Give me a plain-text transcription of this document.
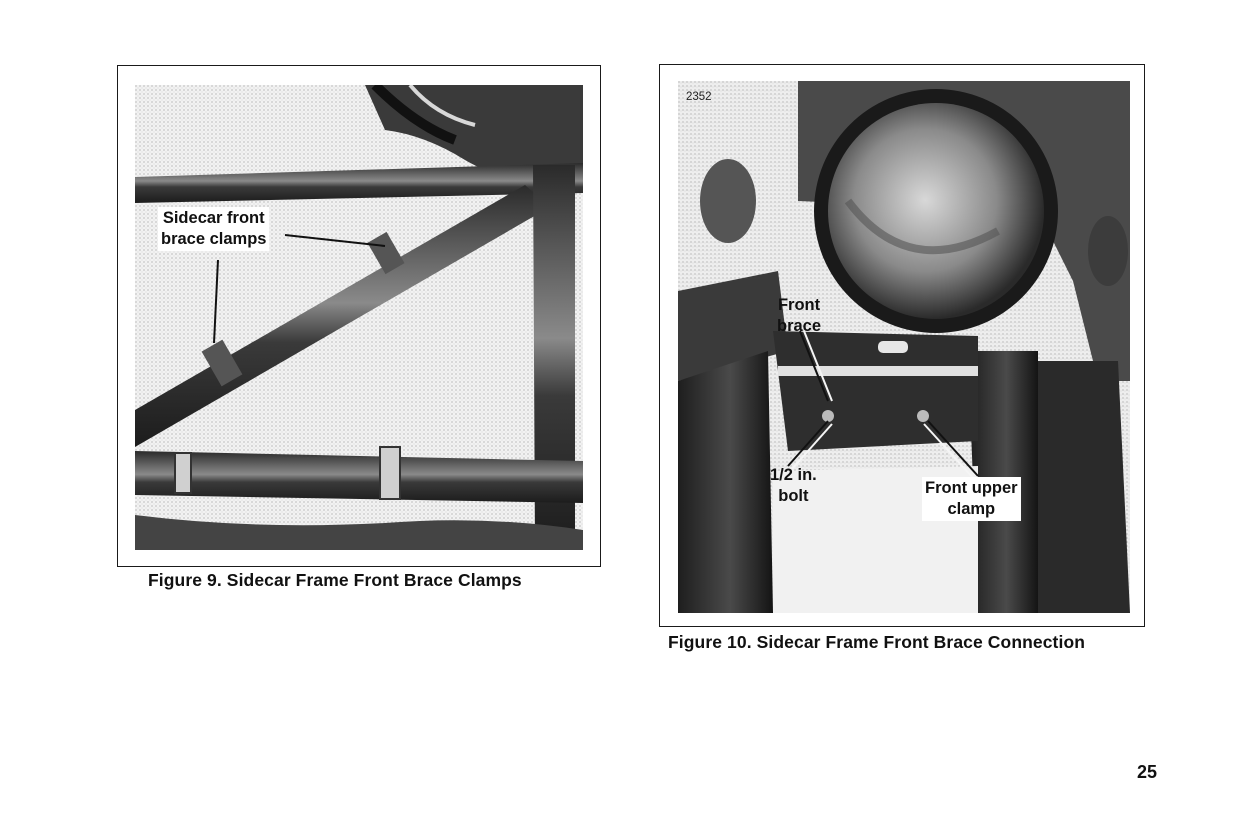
Sidecar front
brace clamps
Figure 9. Sidecar Frame Front Brace Clamps
Front
brace
1/2 in.
bolt	Front upper
clamp
2352
Figure 10. Sidecar Frame Front Brace Connection
25
